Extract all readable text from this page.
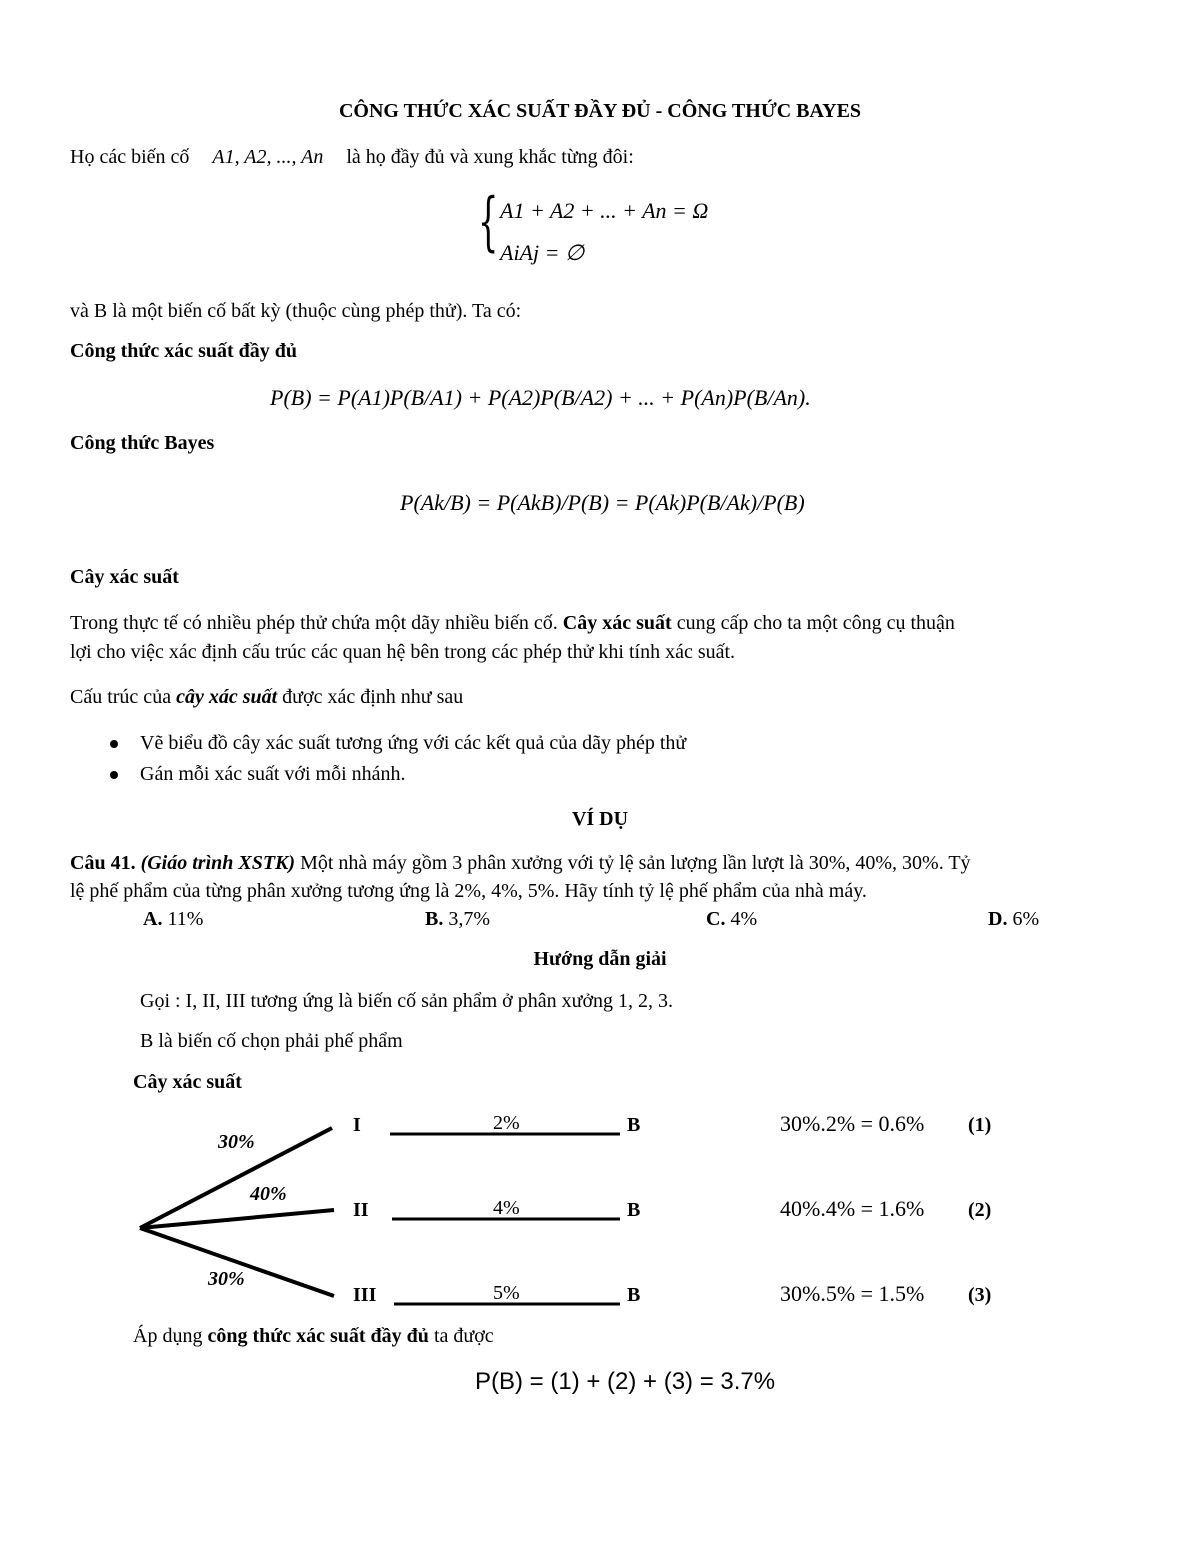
CÔNG THỨC XÁC SUẤT ĐẦY ĐỦ - CÔNG THỨC BAYES
Họ các biến cố A1, A2, ..., An là họ đầy đủ và xung khắc từng đôi:
{ A1 + A2 + ... + An = Ω
AiAj = ∅
và B là một biến cố bất kỳ (thuộc cùng phép thử). Ta có:
Công thức xác suất đầy đủ
P(B) = P(A1)P(B/A1) + P(A2)P(B/A2) + ... + P(An)P(B/An).
Công thức Bayes
P(Ak/B) = P(AkB)/P(B) = P(Ak)P(B/Ak)/P(B)
Cây xác suất
Trong thực tế có nhiều phép thử chứa một dãy nhiều biến cố. Cây xác suất cung cấp cho ta một công cụ thuận
lợi cho việc xác định cấu trúc các quan hệ bên trong các phép thử khi tính xác suất.
Cấu trúc của cây xác suất được xác định như sau
Vẽ biểu đồ cây xác suất tương ứng với các kết quả của dãy phép thử
Gán mỗi xác suất với mỗi nhánh.
VÍ DỤ
Câu 41. (Giáo trình XSTK) Một nhà máy gồm 3 phân xưởng với tỷ lệ sản lượng lần lượt là 30%, 40%, 30%. Tỷ
lệ phế phẩm của từng phân xưởng tương ứng là 2%, 4%, 5%. Hãy tính tỷ lệ phế phẩm của nhà máy.
A. 11%	B. 3,7%	C. 4%	D. 6%
Hướng dẫn giải
Gọi : I, II, III tương ứng là biến cố sản phẩm ở phân xưởng 1, 2, 3.
B là biến cố chọn phải phế phẩm
Cây xác suất
30%
40%
30%
I
II
III
2%
4%
5%
B
B
B
30%.2% = 0.6% (1)
40%.4% = 1.6% (2)
30%.5% = 1.5% (3)
Áp dụng công thức xác suất đầy đủ ta được
P(B) = (1) + (2) + (3) = 3.7%
